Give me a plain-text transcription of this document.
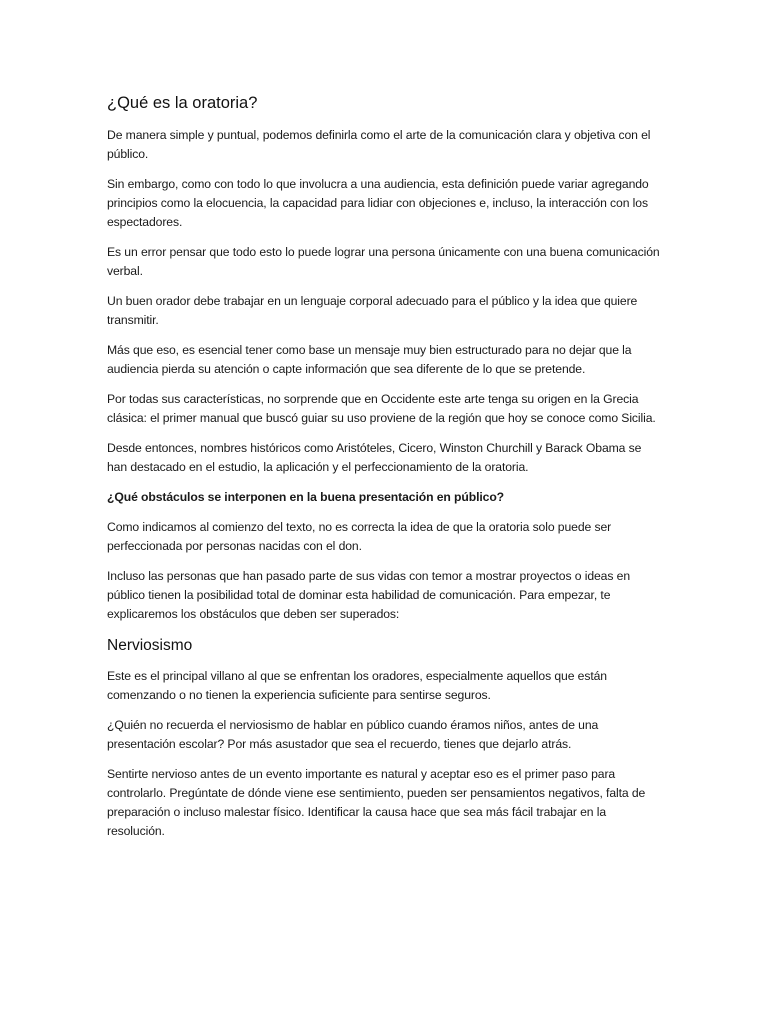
¿Qué es la oratoria?

De manera simple y puntual, podemos definirla como el arte de la comunicación clara y objetiva con el público.

Sin embargo, como con todo lo que involucra a una audiencia, esta definición puede variar agregando principios como la elocuencia, la capacidad para lidiar con objeciones e, incluso, la interacción con los espectadores.

Es un error pensar que todo esto lo puede lograr una persona únicamente con una buena comunicación verbal.

Un buen orador debe trabajar en un lenguaje corporal adecuado para el público y la idea que quiere transmitir.

Más que eso, es esencial tener como base un mensaje muy bien estructurado para no dejar que la audiencia pierda su atención o capte información que sea diferente de lo que se pretende.

Por todas sus características, no sorprende que en Occidente este arte tenga su origen en la Grecia clásica: el primer manual que buscó guiar su uso proviene de la región que hoy se conoce como Sicilia.

Desde entonces, nombres históricos como Aristóteles, Cicero, Winston Churchill y Barack Obama se han destacado en el estudio, la aplicación y el perfeccionamiento de la oratoria.

¿Qué obstáculos se interponen en la buena presentación en público?

Como indicamos al comienzo del texto, no es correcta la idea de que la oratoria solo puede ser perfeccionada por personas nacidas con el don.

Incluso las personas que han pasado parte de sus vidas con temor a mostrar proyectos o ideas en público tienen la posibilidad total de dominar esta habilidad de comunicación. Para empezar, te explicaremos los obstáculos que deben ser superados:

Nerviosismo

Este es el principal villano al que se enfrentan los oradores, especialmente aquellos que están comenzando o no tienen la experiencia suficiente para sentirse seguros.

¿Quién no recuerda el nerviosismo de hablar en público cuando éramos niños, antes de una presentación escolar? Por más asustador que sea el recuerdo, tienes que dejarlo atrás.

Sentirte nervioso antes de un evento importante es natural y aceptar eso es el primer paso para controlarlo. Pregúntate de dónde viene ese sentimiento, pueden ser pensamientos negativos, falta de preparación o incluso malestar físico. Identificar la causa hace que sea más fácil trabajar en la resolución.
